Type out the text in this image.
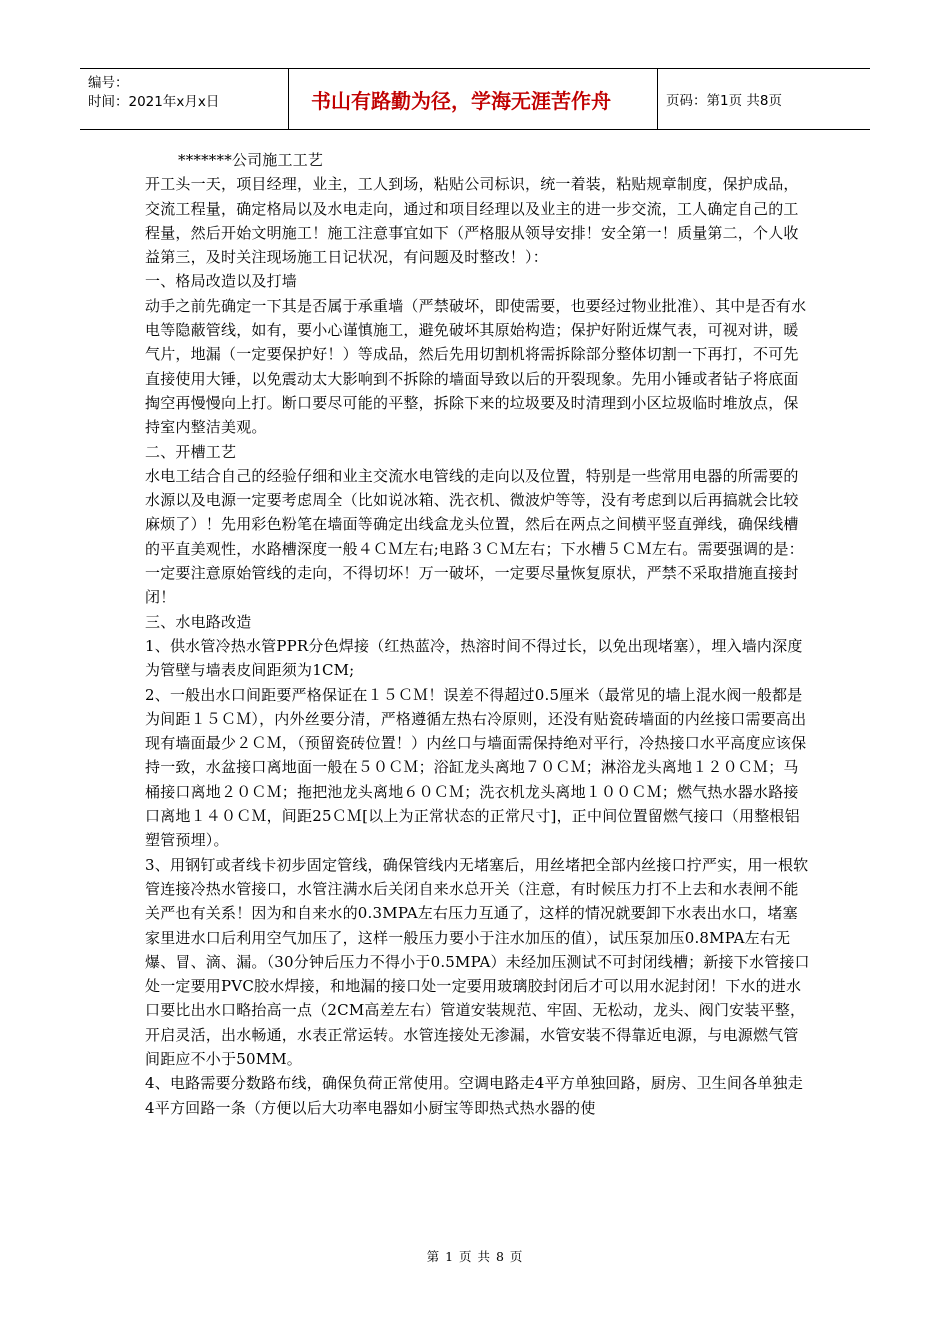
编号：
时间：2021年x月x日	书山有路勤为径，学海无涯苦作舟	页码：第1页 共8页

*******公司施工工艺

开工头一天，项目经理，业主，工人到场，粘贴公司标识，统一着装，粘贴规章制度，保护成品，交流工程量，确定格局以及水电走向，通过和项目经理以及业主的进一步交流，工人确定自己的工程量，然后开始文明施工！施工注意事宜如下（严格服从领导安排！安全第一！质量第二，个人收益第三，及时关注现场施工日记状况，有问题及时整改！）：

一、格局改造以及打墙

动手之前先确定一下其是否属于承重墙（严禁破坏，即使需要，也要经过物业批准）、其中是否有水电等隐蔽管线，如有，要小心谨慎施工，避免破坏其原始构造；保护好附近煤气表，可视对讲，暖气片，地漏（一定要保护好！）等成品，然后先用切割机将需拆除部分整体切割一下再打，不可先直接使用大锤，以免震动太大影响到不拆除的墙面导致以后的开裂现象。先用小锤或者钻子将底面掏空再慢慢向上打。断口要尽可能的平整，拆除下来的垃圾要及时清理到小区垃圾临时堆放点，保持室内整洁美观。

二、开槽工艺

水电工结合自己的经验仔细和业主交流水电管线的走向以及位置，特别是一些常用电器的所需要的水源以及电源一定要考虑周全（比如说冰箱、洗衣机、微波炉等等，没有考虑到以后再搞就会比较麻烦了）！先用彩色粉笔在墙面等确定出线盒龙头位置，然后在两点之间横平竖直弹线，确保线槽的平直美观性，水路槽深度一般４ＣＭ左右;电路３ＣＭ左右；下水槽５ＣＭ左右。需要强调的是：一定要注意原始管线的走向，不得切坏！万一破坏，一定要尽量恢复原状，严禁不采取措施直接封闭！

三、水电路改造

1、供水管冷热水管PPR分色焊接（红热蓝冷，热溶时间不得过长，以免出现堵塞），埋入墙内深度为管壁与墙表皮间距须为1CM;

2、一般出水口间距要严格保证在１５ＣＭ！误差不得超过0.5厘米（最常见的墙上混水阀一般都是为间距１５ＣＭ），内外丝要分清，严格遵循左热右冷原则，还没有贴瓷砖墙面的内丝接口需要高出现有墙面最少２ＣＭ，（预留瓷砖位置！）内丝口与墙面需保持绝对平行，冷热接口水平高度应该保持一致，水盆接口离地面一般在５０ＣＭ；浴缸龙头离地７０ＣＭ；淋浴龙头离地１２０ＣＭ；马桶接口离地２０ＣＭ；拖把池龙头离地６０ＣＭ；洗衣机龙头离地１００ＣＭ；燃气热水器水路接口离地１４０ＣＭ，间距25ＣＭ[以上为正常状态的正常尺寸]，正中间位置留燃气接口（用整根铝塑管预埋）。

3、用钢钉或者线卡初步固定管线，确保管线内无堵塞后，用丝堵把全部内丝接口拧严实，用一根软管连接冷热水管接口，水管注满水后关闭自来水总开关（注意，有时候压力打不上去和水表闸不能关严也有关系！因为和自来水的0.3MPA左右压力互通了，这样的情况就要卸下水表出水口，堵塞家里进水口后利用空气加压了，这样一般压力要小于注水加压的值），试压泵加压0.8MPA左右无爆、冒、滴、漏。（30分钟后压力不得小于0.5MPA）未经加压测试不可封闭线槽；新接下水管接口处一定要用PVC胶水焊接，和地漏的接口处一定要用玻璃胶封闭后才可以用水泥封闭！下水的进水口要比出水口略抬高一点（2CM高差左右）管道安装规范、牢固、无松动，龙头、阀门安装平整，开启灵活，出水畅通，水表正常运转。水管连接处无渗漏，水管安装不得靠近电源，与电源燃气管间距应不小于50MM。

4、电路需要分数路布线，确保负荷正常使用。空调电路走4平方单独回路，厨房、卫生间各单独走4平方回路一条（方便以后大功率电器如小厨宝等即热式热水器的使

第 1 页 共 8 页
